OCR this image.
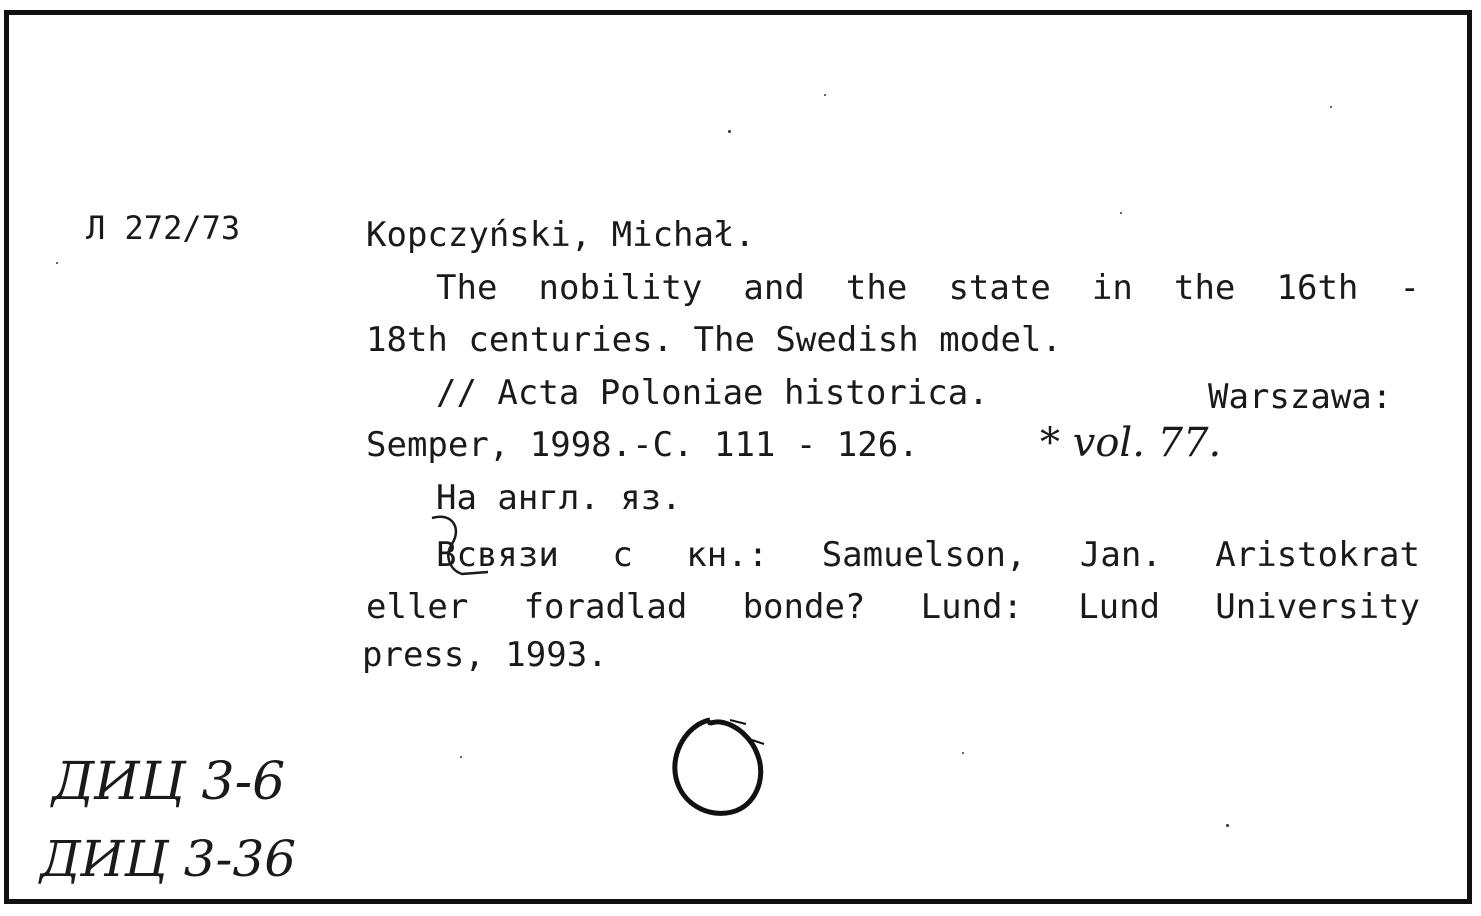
Л 272/73	Kopczyński, Michał.
The nobility and the state in the 16th -
18th centuries. The Swedish model.
// Acta Poloniae historica.	Warszawa:
Semper, 1998.-C. 111 - 126.	* vol. 77.
На англ. яз.
Всвязи с кн.: Samuelson, Jan. Aristokrat
eller foradlad bonde? Lund: Lund University
press, 1993.
ДИЦ 3-6
ДИЦ 3-36
